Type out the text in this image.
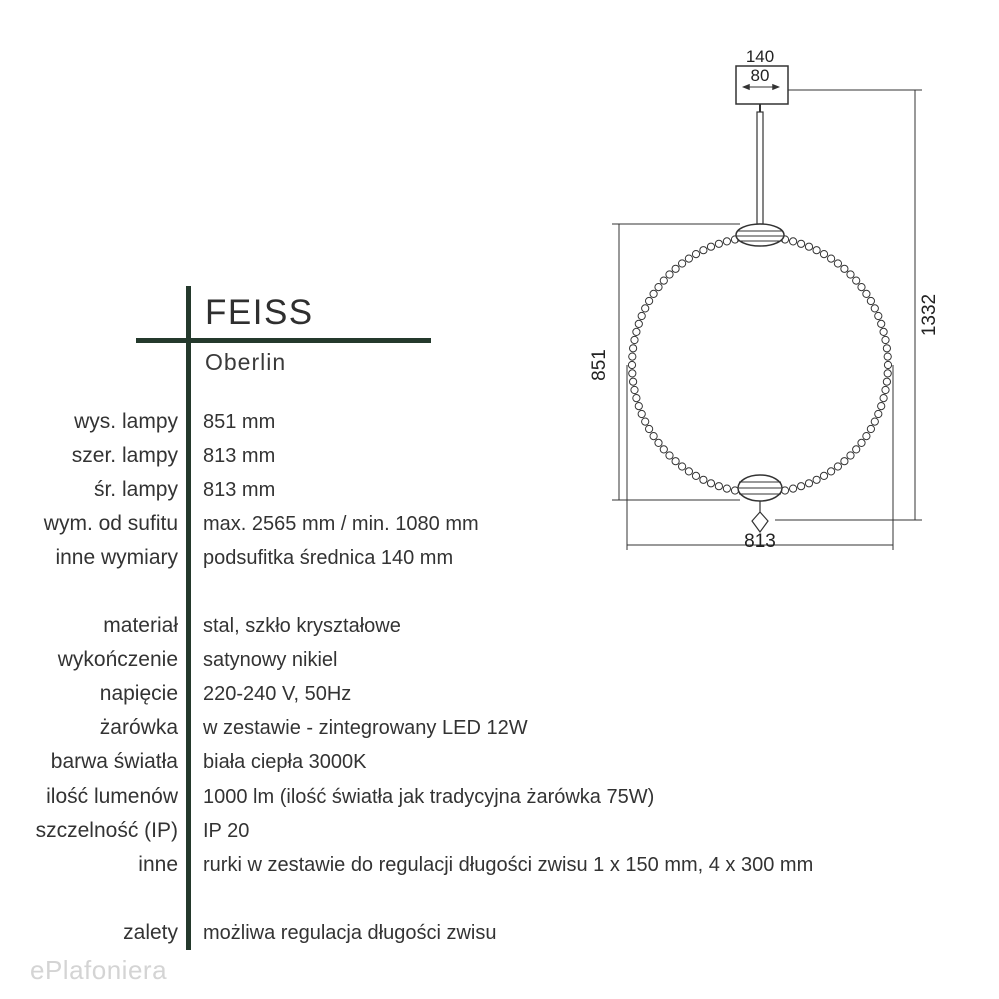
FEISS
Oberlin
wys. lampy 851 mm
szer. lampy 813 mm
śr. lampy 813 mm
wym. od sufitu max. 2565 mm / min. 1080 mm
inne wymiary podsufitka średnica 140 mm
materiał stal, szkło kryształowe
wykończenie satynowy nikiel
napięcie 220-240 V, 50Hz
żarówka w zestawie - zintegrowany LED 12W
barwa światła biała ciepła 3000K
ilość lumenów 1000 lm (ilość światła jak tradycyjna żarówka 75W)
szczelność (IP) IP 20
inne rurki w zestawie do regulacji długości zwisu 1 x 150 mm, 4 x 300 mm
zalety możliwa regulacja długości zwisu
ePlafoniera
140
80
1332
851
813
